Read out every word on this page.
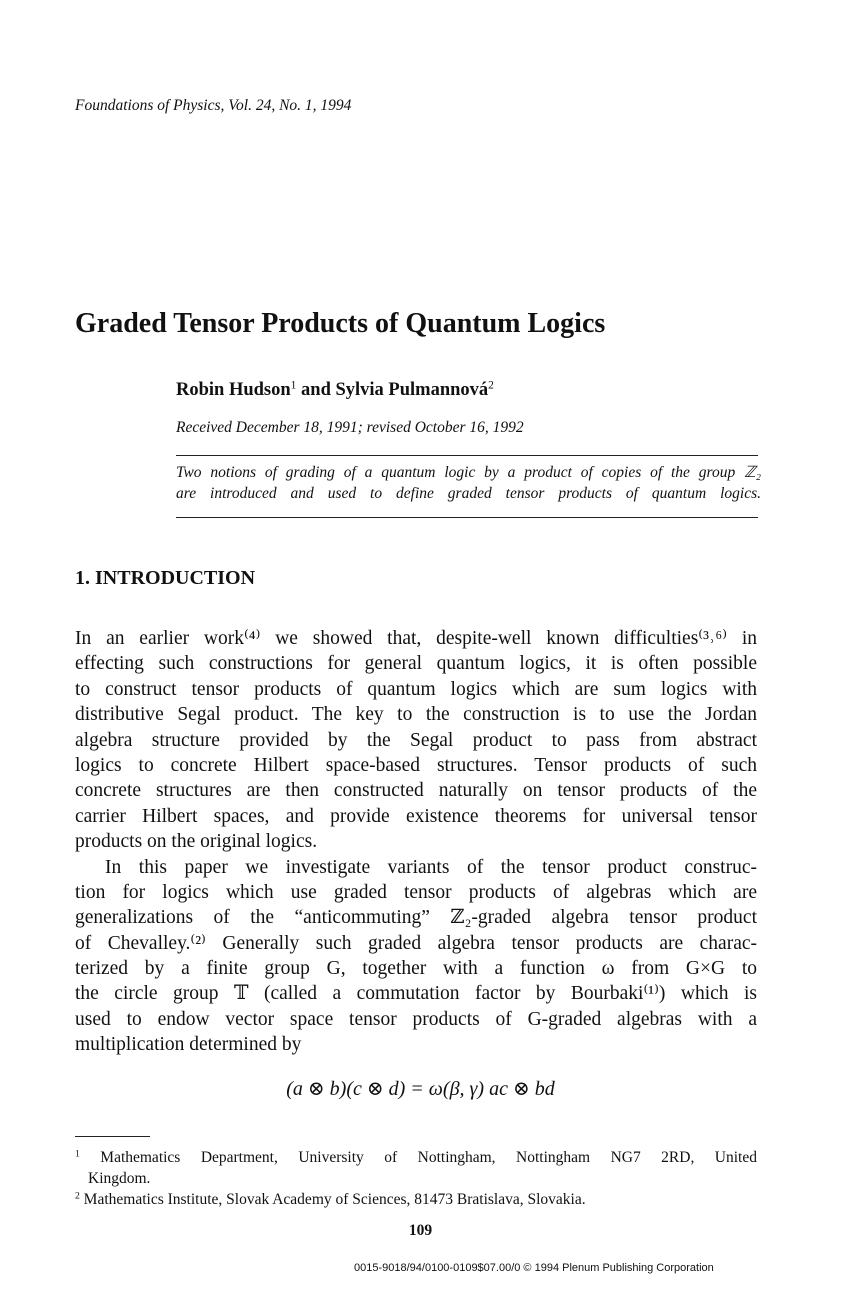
Foundations of Physics, Vol. 24, No. 1, 1994
Graded Tensor Products of Quantum Logics
Robin Hudson$^1$ and Sylvia Pulmannová$^2$
Received December 18, 1991; revised October 16, 1992
Two notions of grading of a quantum logic by a product of copies of the group ℤ₂
are introduced and used to define graded tensor products of quantum logics.
1. INTRODUCTION
In an earlier work⁽⁴⁾ we showed that, despite-well known difficulties⁽³˒⁶⁾ in
effecting such constructions for general quantum logics, it is often possible
to construct tensor products of quantum logics which are sum logics with
distributive Segal product. The key to the construction is to use the Jordan
algebra structure provided by the Segal product to pass from abstract
logics to concrete Hilbert space-based structures. Tensor products of such
concrete structures are then constructed naturally on tensor products of the
carrier Hilbert spaces, and provide existence theorems for universal tensor
products on the original logics.
In this paper we investigate variants of the tensor product construc-
tion for logics which use graded tensor products of algebras which are
generalizations of the “anticommuting” ℤ₂-graded algebra tensor product
of Chevalley.⁽²⁾ Generally such graded algebra tensor products are charac-
terized by a finite group G, together with a function ω from G×G to
the circle group 𝕋 (called a commutation factor by Bourbaki⁽¹⁾) which is
used to endow vector space tensor products of G-graded algebras with a
multiplication determined by
(a ⊗ b)(c ⊗ d) = ω(β, γ) ac ⊗ bd
$^1$ Mathematics Department, University of Nottingham, Nottingham NG7 2RD, United
Kingdom.
$^2$ Mathematics Institute, Slovak Academy of Sciences, 81473 Bratislava, Slovakia.
109
0015-9018/94/0100-0109$07.00/0 © 1994 Plenum Publishing Corporation
